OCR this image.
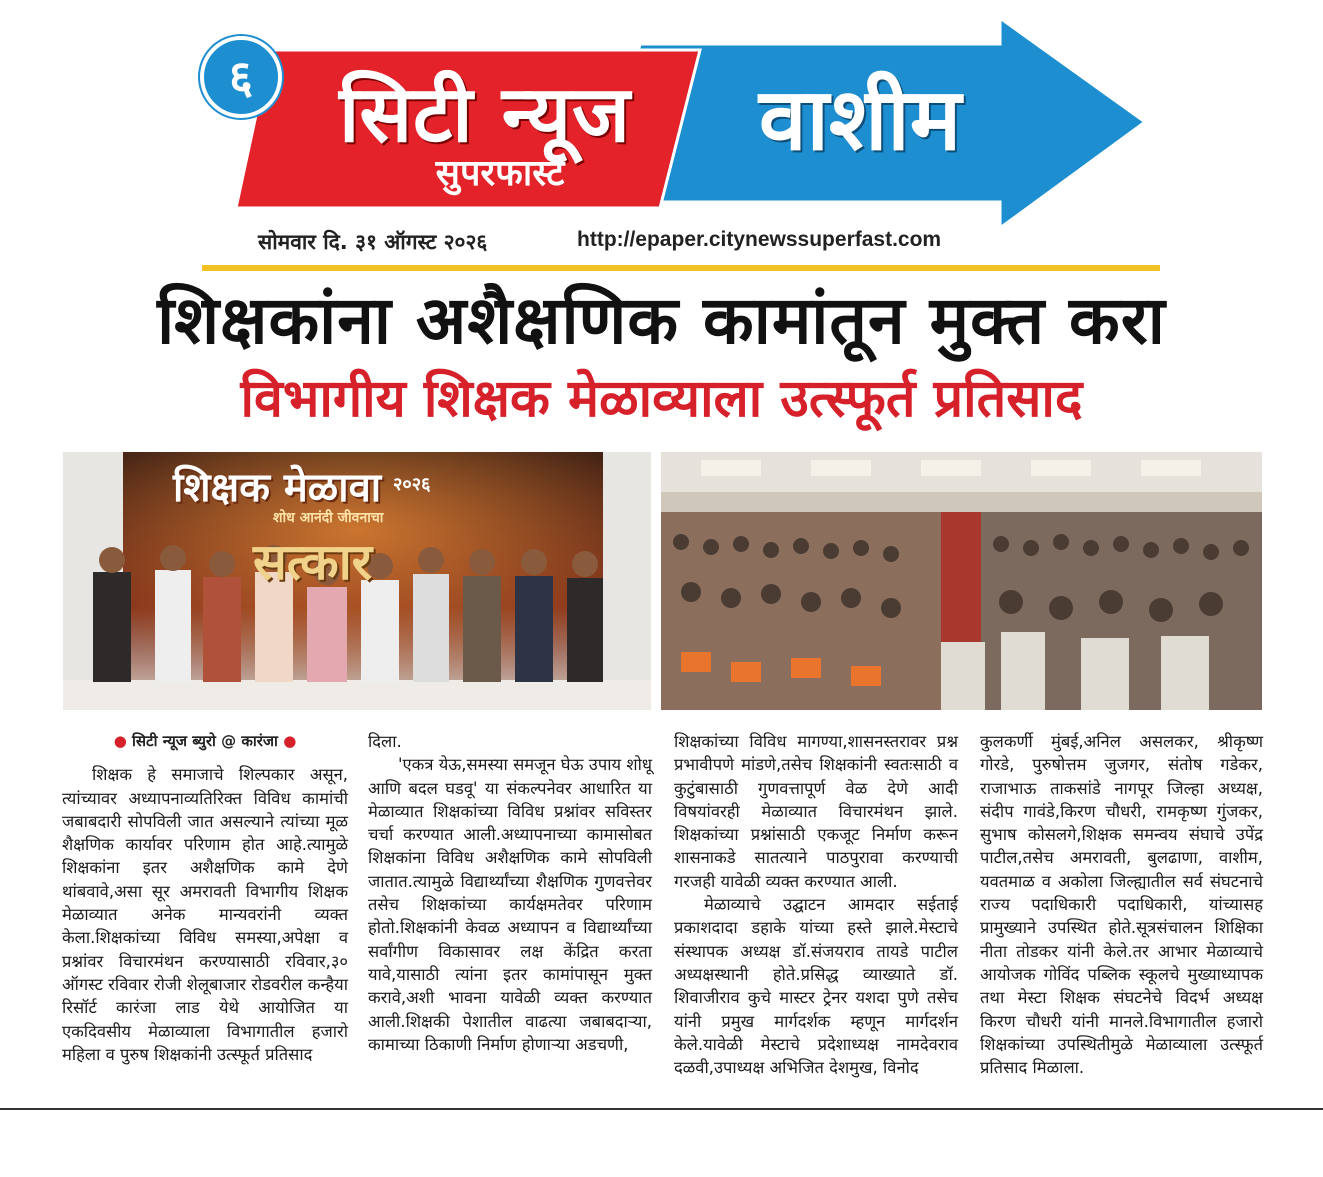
६	सिटी न्यूज
सुपरफास्ट
वाशीम
सोमवार दि. ३१ ऑगस्ट २०२६	http://epaper.citynewssuperfast.com
शिक्षकांना अशैक्षणिक कामांतून मुक्त करा
विभागीय शिक्षक मेळाव्याला उत्स्फूर्त प्रतिसाद
शिक्षक मेळावा २०२६
शोध आनंदी जीवनाचा
सत्कार
● सिटी न्यूज ब्युरो @ कारंजा ●

शिक्षक हे समाजाचे शिल्पकार असून, त्यांच्यावर अध्यापनाव्यतिरिक्त विविध कामांची जबाबदारी सोपविली जात असल्याने त्यांच्या मूळ शैक्षणिक कार्यावर परिणाम होत आहे.त्यामुळे शिक्षकांना इतर अशैक्षणिक कामे देणे थांबवावे,असा सूर अमरावती विभागीय शिक्षक मेळाव्यात अनेक मान्यवरांनी व्यक्त केला.शिक्षकांच्या विविध समस्या,अपेक्षा व प्रश्नांवर विचारमंथन करण्यासाठी रविवार,३० ऑगस्ट रविवार रोजी शेलूबाजार रोडवरील कन्हैया रिसॉर्ट कारंजा लाड येथे आयोजित या एकदिवसीय मेळाव्याला विभागातील हजारो महिला व पुरुष शिक्षकांनी उत्स्फूर्त प्रतिसाद

दिला.

'एकत्र येऊ,समस्या समजून घेऊ उपाय शोधू आणि बदल घडवू' या संकल्पनेवर आधारित या मेळाव्यात शिक्षकांच्या विविध प्रश्नांवर सविस्तर चर्चा करण्यात आली.अध्यापनाच्या कामासोबत शिक्षकांना विविध अशैक्षणिक कामे सोपविली जातात.त्यामुळे विद्यार्थ्यांच्या शैक्षणिक गुणवत्तेवर तसेच शिक्षकांच्या कार्यक्षमतेवर परिणाम होतो.शिक्षकांनी केवळ अध्यापन व विद्यार्थ्यांच्या सर्वांगीण विकासावर लक्ष केंद्रित करता यावे,यासाठी त्यांना इतर कामांपासून मुक्त करावे,अशी भावना यावेळी व्यक्त करण्यात आली.शिक्षकी पेशातील वाढत्या जबाबदाऱ्या, कामाच्या ठिकाणी निर्माण होणाऱ्या अडचणी,

शिक्षकांच्या विविध मागण्या,शासनस्तरावर प्रश्न प्रभावीपणे मांडणे,तसेच शिक्षकांनी स्वतःसाठी व कुटुंबासाठी गुणवत्तापूर्ण वेळ देणे आदी विषयांवरही मेळाव्यात विचारमंथन झाले. शिक्षकांच्या प्रश्नांसाठी एकजूट निर्माण करून शासनाकडे सातत्याने पाठपुरावा करण्याची गरजही यावेळी व्यक्त करण्यात आली.

मेळाव्याचे उद्घाटन आमदार सईताई प्रकाशदादा डहाके यांच्या हस्ते झाले.मेस्टाचे संस्थापक अध्यक्ष डॉ.संजयराव तायडे पाटील अध्यक्षस्थानी होते.प्रसिद्ध व्याख्याते डॉ. शिवाजीराव कुचे मास्टर ट्रेनर यशदा पुणे तसेच यांनी प्रमुख मार्गदर्शक म्हणून मार्गदर्शन केले.यावेळी मेस्टाचे प्रदेशाध्यक्ष नामदेवराव दळवी,उपाध्यक्ष अभिजित देशमुख, विनोद

कुलकर्णी मुंबई,अनिल असलकर, श्रीकृष्ण गोरडे, पुरुषोत्तम जुजगर, संतोष गडेकर, राजाभाऊ ताकसांडे नागपूर जिल्हा अध्यक्ष, संदीप गावंडे,किरण चौधरी, रामकृष्ण गुंजकर, सुभाष कोसलगे,शिक्षक समन्वय संघाचे उपेंद्र पाटील,तसेच अमरावती, बुलढाणा, वाशीम, यवतमाळ व अकोला जिल्ह्यातील सर्व संघटनाचे राज्य पदाधिकारी पदाधिकारी, यांच्यासह प्रामुख्याने उपस्थित होते.सूत्रसंचालन शिक्षिका नीता तोडकर यांनी केले.तर आभार मेळाव्याचे आयोजक गोविंद पब्लिक स्कूलचे मुख्याध्यापक तथा मेस्टा शिक्षक संघटनेचे विदर्भ अध्यक्ष किरण चौधरी यांनी मानले.विभागातील हजारो शिक्षकांच्या उपस्थितीमुळे मेळाव्याला उत्स्फूर्त प्रतिसाद मिळाला.
